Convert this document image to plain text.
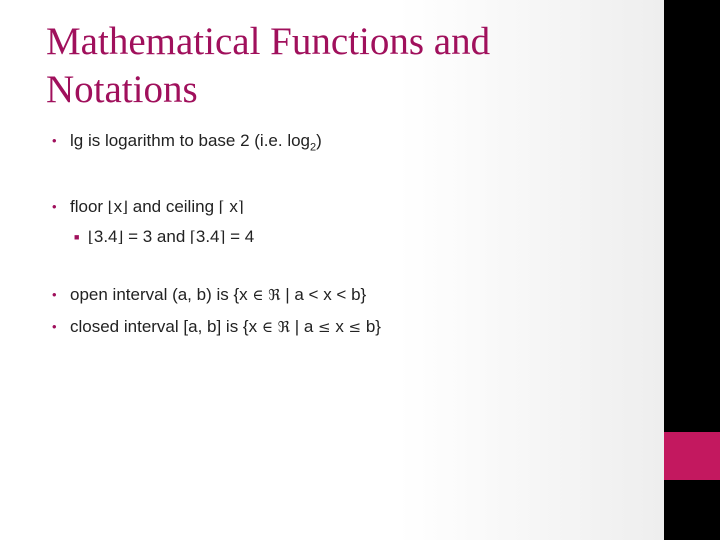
Mathematical Functions and
Notations
• lg is logarithm to base 2 (i.e. $\log_2$)
• floor ⌊x⌋ and ceiling ⌈ x⌉
■ ⌊3.4⌋ = 3 and ⌈3.4⌉ = 4
• open interval (a, b) is {x ∈ ℜ | a < x < b}
• closed interval [a, b] is {x ∈ ℜ | a ≤ x ≤ b}
